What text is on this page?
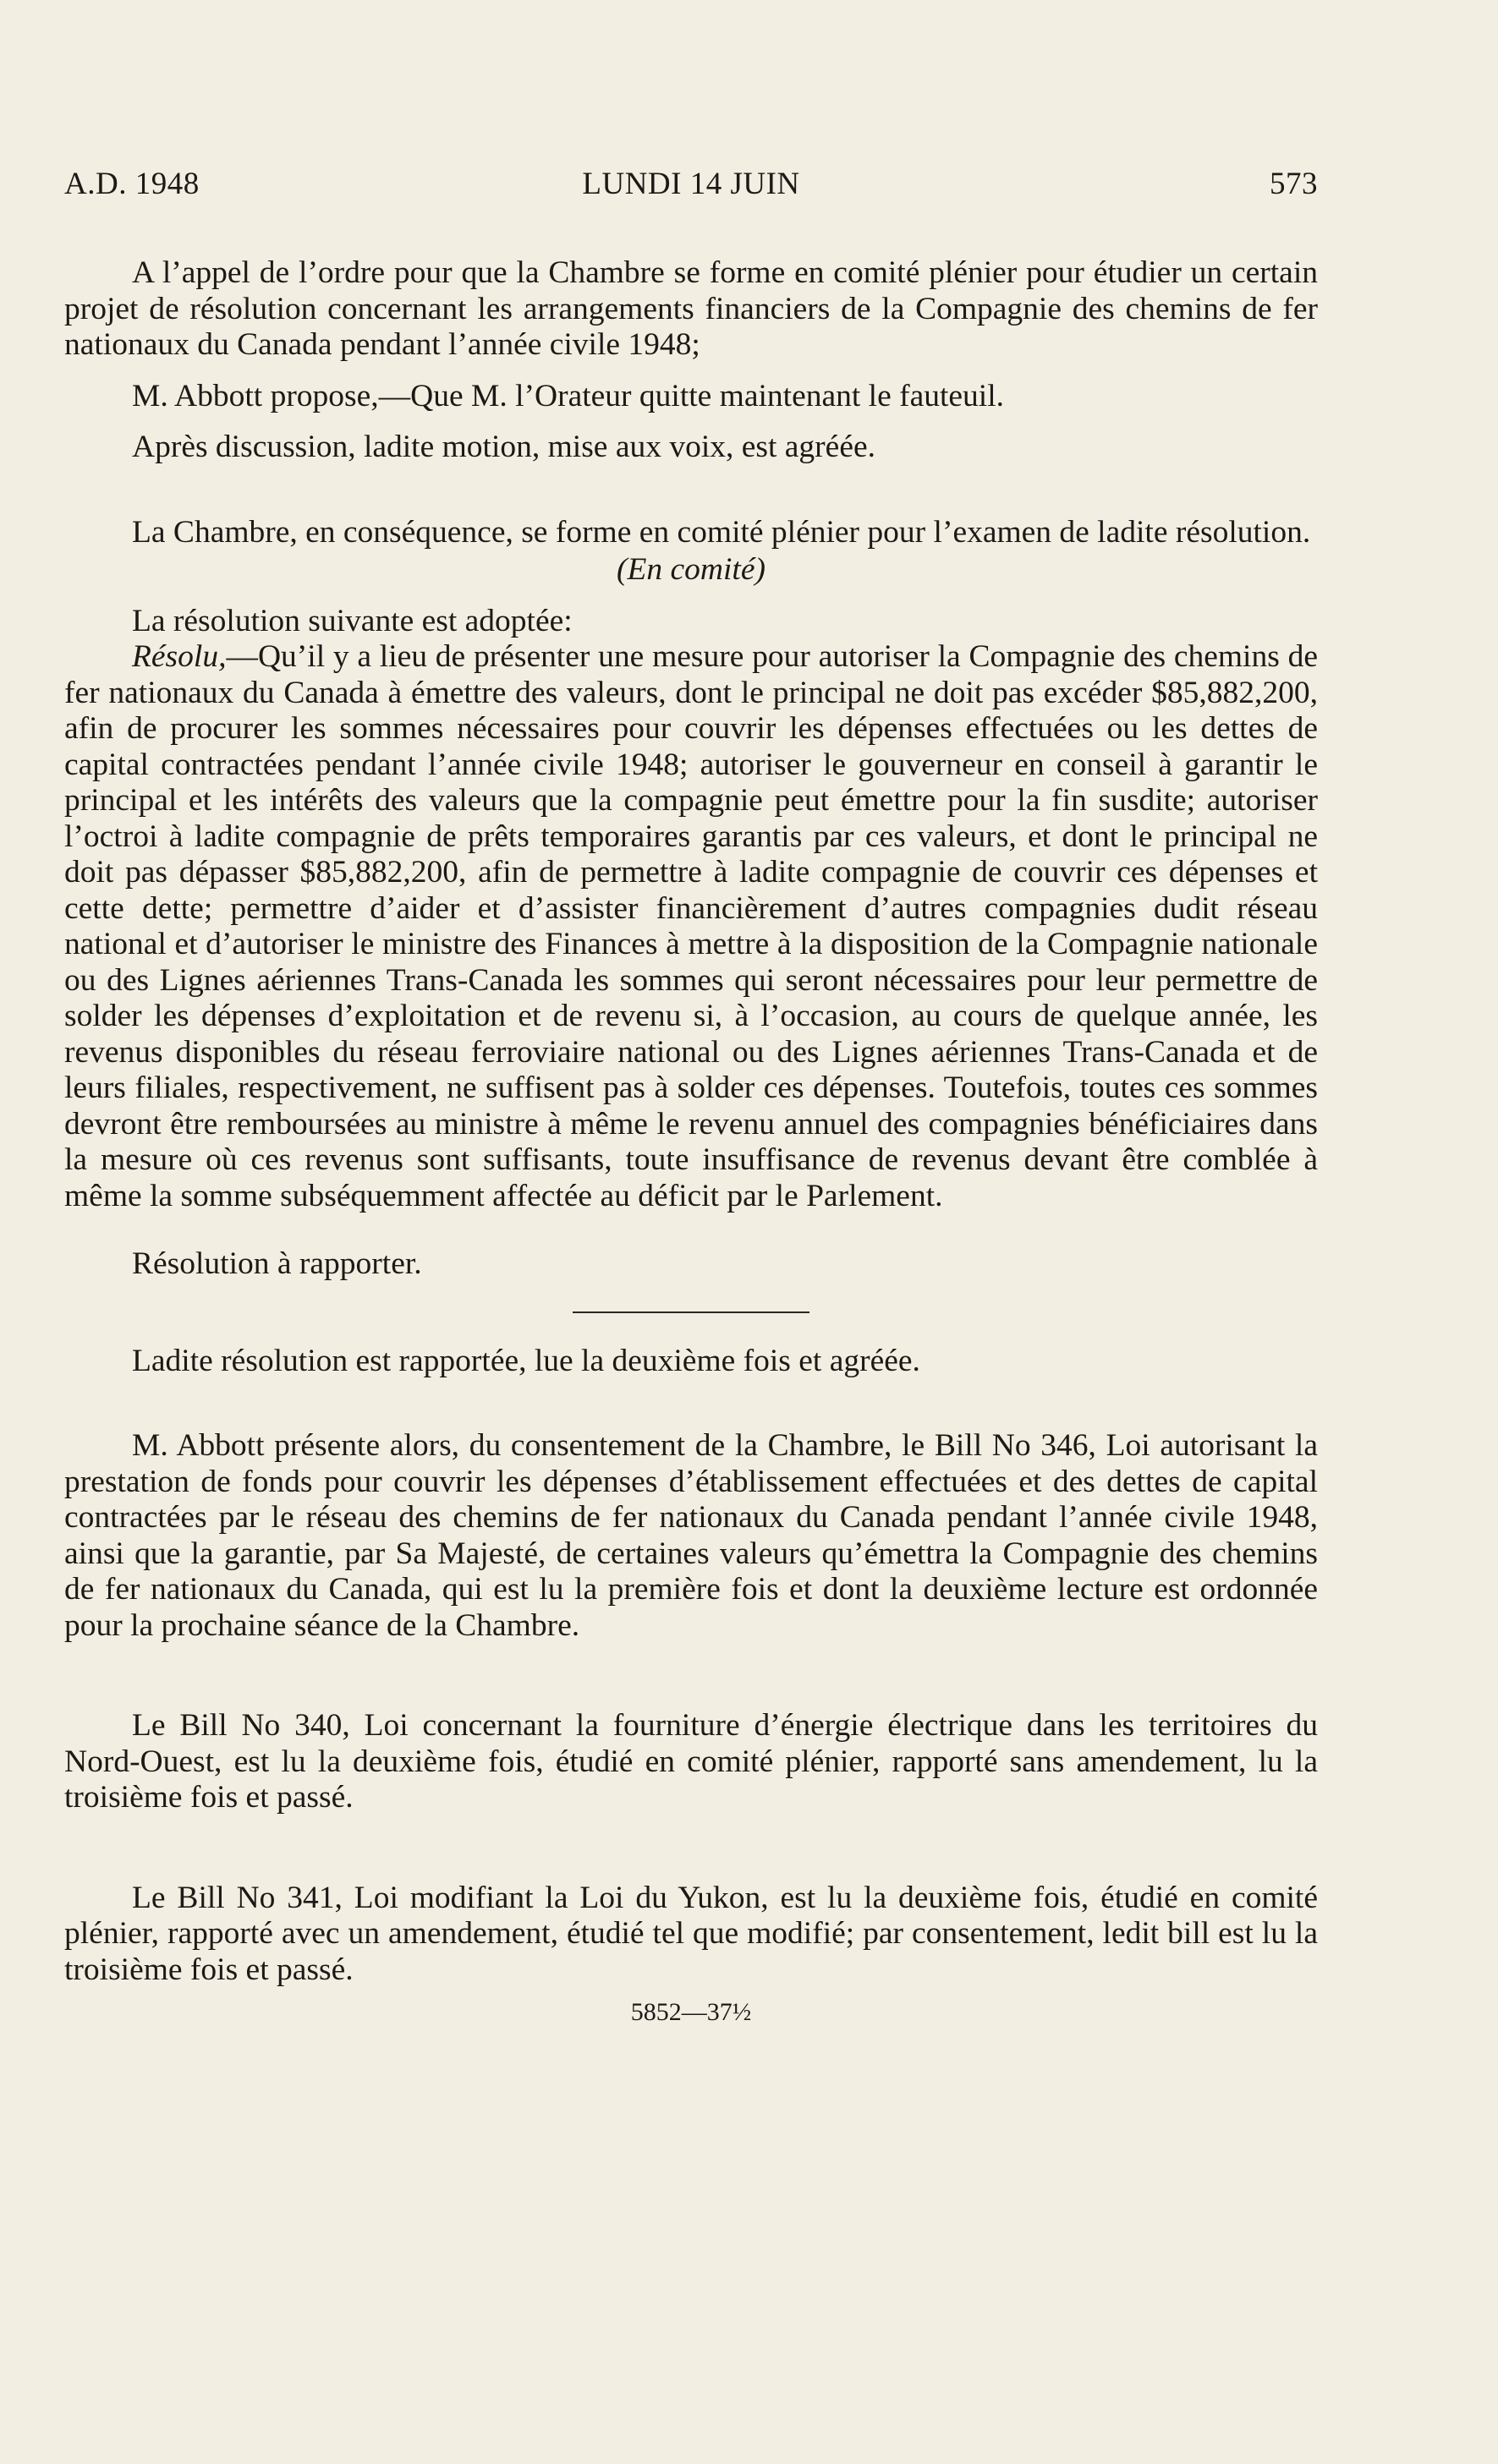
A.D. 1948	LUNDI 14 JUIN	573

A l’appel de l’ordre pour que la Chambre se forme en comité plénier pour étudier un certain projet de résolution concernant les arrangements financiers de la Compagnie des chemins de fer nationaux du Canada pendant l’année civile 1948;

M. Abbott propose,—Que M. l’Orateur quitte maintenant le fauteuil.

Après discussion, ladite motion, mise aux voix, est agréée.

La Chambre, en conséquence, se forme en comité plénier pour l’examen de ladite résolution.

(En comité)

La résolution suivante est adoptée:

Résolu,—Qu’il y a lieu de présenter une mesure pour autoriser la Compagnie des chemins de fer nationaux du Canada à émettre des valeurs, dont le principal ne doit pas excéder $85,882,200, afin de procurer les sommes nécessaires pour couvrir les dépenses effectuées ou les dettes de capital contractées pendant l’année civile 1948; autoriser le gouverneur en conseil à garantir le principal et les intérêts des valeurs que la compagnie peut émettre pour la fin susdite; autoriser l’octroi à ladite compagnie de prêts temporaires garantis par ces valeurs, et dont le principal ne doit pas dépasser $85,882,200, afin de permettre à ladite compagnie de couvrir ces dépenses et cette dette; permettre d’aider et d’assister financièrement d’autres compagnies dudit réseau national et d’autoriser le ministre des Finances à mettre à la disposition de la Compagnie nationale ou des Lignes aériennes Trans-Canada les sommes qui seront nécessaires pour leur permettre de solder les dépenses d’exploitation et de revenu si, à l’occasion, au cours de quelque année, les revenus disponibles du réseau ferroviaire national ou des Lignes aériennes Trans-Canada et de leurs filiales, respectivement, ne suffisent pas à solder ces dépenses. Toutefois, toutes ces sommes devront être remboursées au ministre à même le revenu annuel des compagnies bénéficiaires dans la mesure où ces revenus sont suffisants, toute insuffisance de revenus devant être comblée à même la somme subséquemment affectée au déficit par le Parlement.

Résolution à rapporter.

Ladite résolution est rapportée, lue la deuxième fois et agréée.

M. Abbott présente alors, du consentement de la Chambre, le Bill No 346, Loi autorisant la prestation de fonds pour couvrir les dépenses d’établissement effectuées et des dettes de capital contractées par le réseau des chemins de fer nationaux du Canada pendant l’année civile 1948, ainsi que la garantie, par Sa Majesté, de certaines valeurs qu’émettra la Compagnie des chemins de fer nationaux du Canada, qui est lu la première fois et dont la deuxième lecture est ordonnée pour la prochaine séance de la Chambre.

Le Bill No 340, Loi concernant la fourniture d’énergie électrique dans les territoires du Nord-Ouest, est lu la deuxième fois, étudié en comité plénier, rapporté sans amendement, lu la troisième fois et passé.

Le Bill No 341, Loi modifiant la Loi du Yukon, est lu la deuxième fois, étudié en comité plénier, rapporté avec un amendement, étudié tel que modifié; par consentement, ledit bill est lu la troisième fois et passé.

5852—37½
